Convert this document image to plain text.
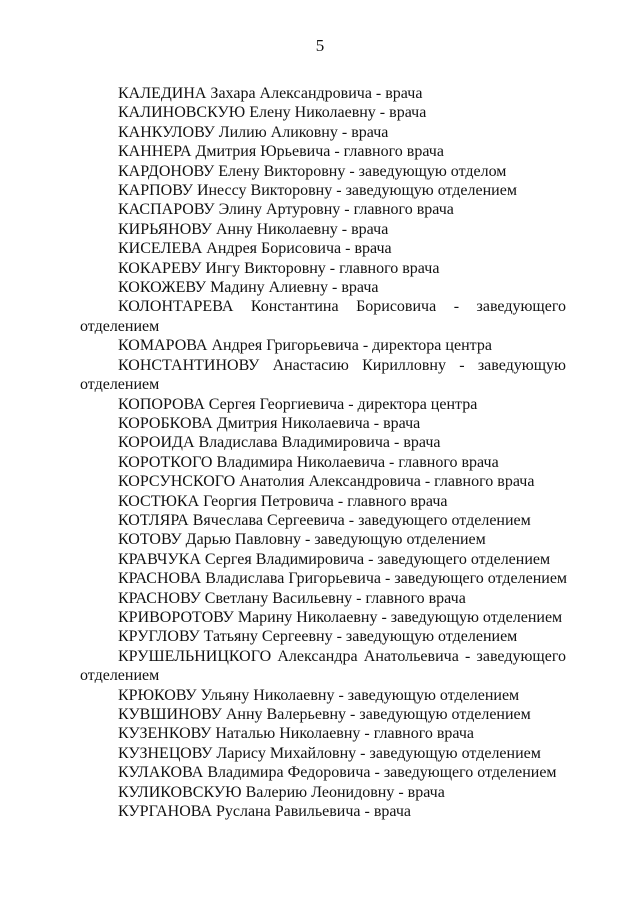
5

КАЛЕДИНА Захара Александровича - врача

КАЛИНОВСКУЮ Елену Николаевну - врача

КАНКУЛОВУ Лилию Аликовну - врача

КАННЕРА Дмитрия Юрьевича - главного врача

КАРДОНОВУ Елену Викторовну - заведующую отделом

КАРПОВУ Инессу Викторовну - заведующую отделением

КАСПАРОВУ Элину Артуровну - главного врача

КИРЬЯНОВУ Анну Николаевну - врача

КИСЕЛЕВА Андрея Борисовича - врача

КОКАРЕВУ Ингу Викторовну - главного врача

КОКОЖЕВУ Мадину Алиевну - врача

КОЛОНТАРЕВА Константина Борисовича - заведующего
отделением

КОМАРОВА Андрея Григорьевича - директора центра

КОНСТАНТИНОВУ Анастасию Кирилловну - заведующую
отделением

КОПОРОВА Сергея Георгиевича - директора центра

КОРОБКОВА Дмитрия Николаевича - врача

КОРОИДА Владислава Владимировича - врача

КОРОТКОГО Владимира Николаевича - главного врача

КОРСУНСКОГО Анатолия Александровича - главного врача

КОСТЮКА Георгия Петровича - главного врача

КОТЛЯРА Вячеслава Сергеевича - заведующего отделением

КОТОВУ Дарью Павловну - заведующую отделением

КРАВЧУКА Сергея Владимировича - заведующего отделением

КРАСНОВА Владислава Григорьевича - заведующего отделением

КРАСНОВУ Светлану Васильевну - главного врача

КРИВОРОТОВУ Марину Николаевну - заведующую отделением

КРУГЛОВУ Татьяну Сергеевну - заведующую отделением

КРУШЕЛЬНИЦКОГО Александра Анатольевича - заведующего
отделением

КРЮКОВУ Ульяну Николаевну - заведующую отделением

КУВШИНОВУ Анну Валерьевну - заведующую отделением

КУЗЕНКОВУ Наталью Николаевну - главного врача

КУЗНЕЦОВУ Ларису Михайловну - заведующую отделением

КУЛАКОВА Владимира Федоровича - заведующего отделением

КУЛИКОВСКУЮ Валерию Леонидовну - врача

КУРГАНОВА Руслана Равильевича - врача
